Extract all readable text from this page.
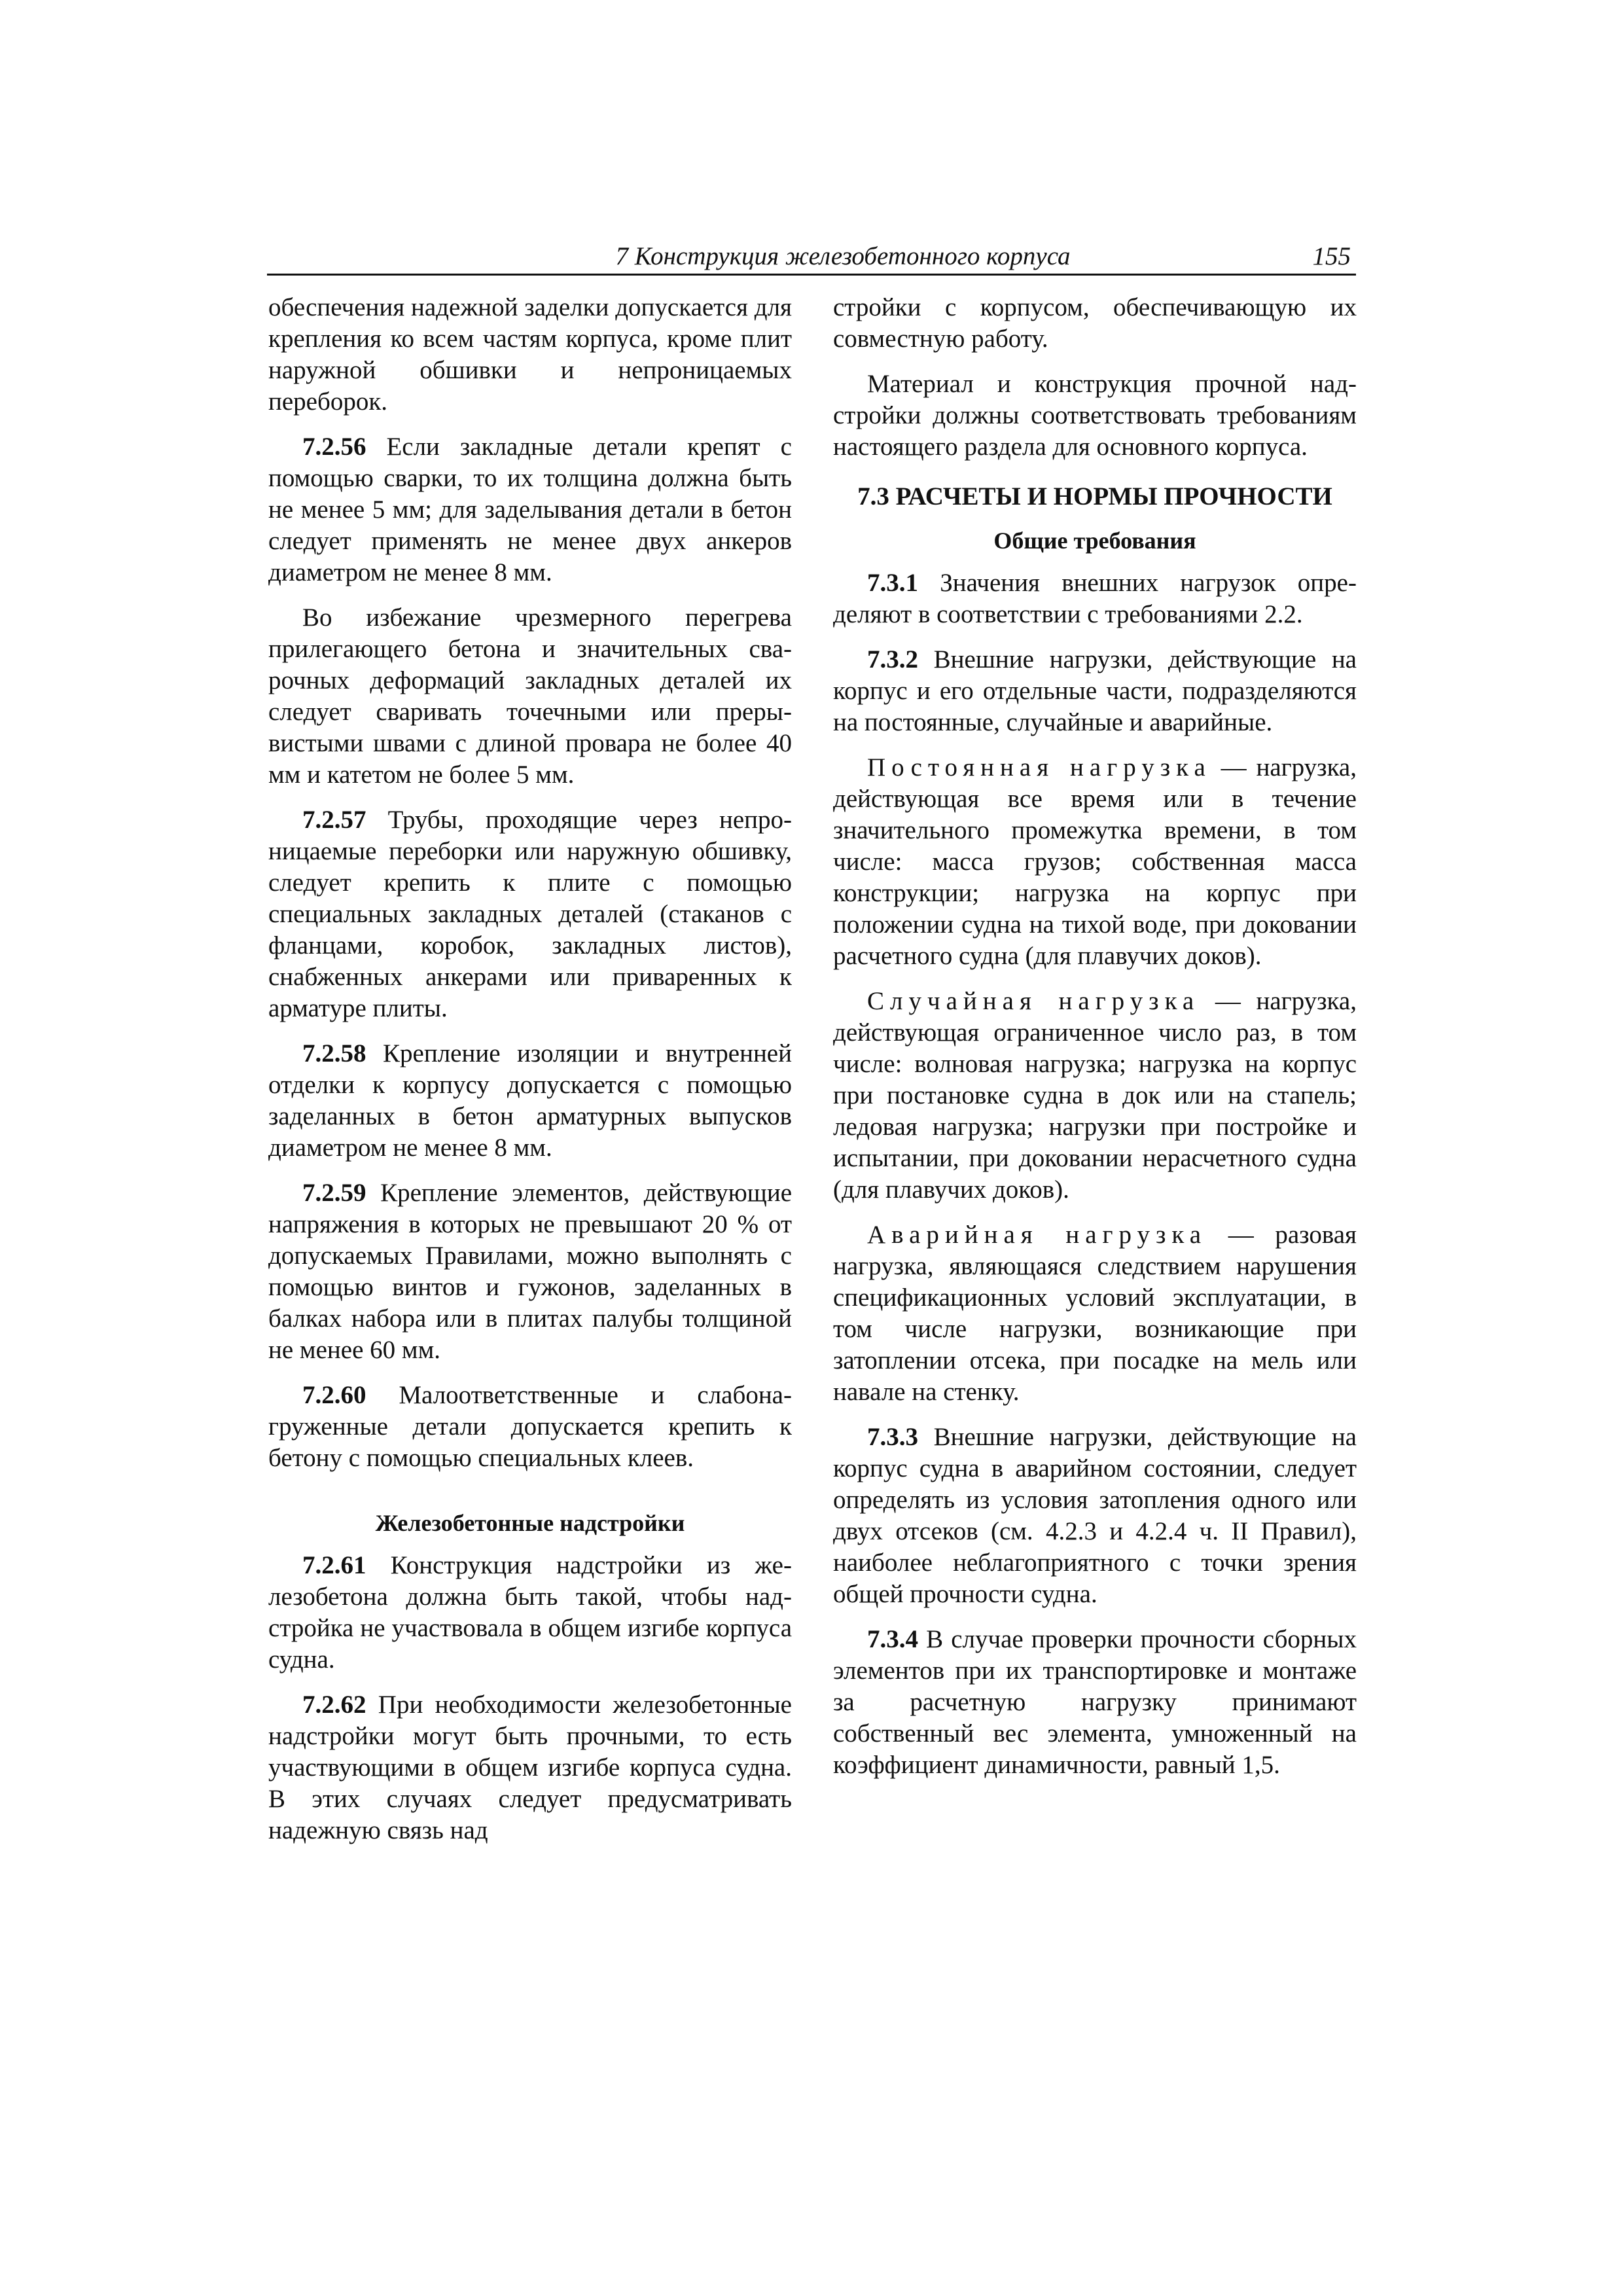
7 Конструкция железобетонного корпуса	155

обеспечения надежной заделки допускается для крепления ко всем частям корпуса, кроме плит наружной обшивки и непроницаемых переборок.

7.2.56 Если закладные детали крепят с помощью сварки, то их толщина должна быть не менее 5 мм; для заделывания детали в бетон следует применять не менее двух анкеров диаметром не менее 8 мм.

Во избежание чрезмерного перегрева прилегающего бетона и значительных сварочных деформаций закладных деталей их следует сваривать точечными или прерывистыми швами с длиной провара не более 40 мм и катетом не более 5 мм.

7.2.57 Трубы, проходящие через непроницаемые переборки или наружную обшивку, следует крепить к плите с помощью специальных закладных деталей (стаканов с фланцами, коробок, закладных листов), снабженных анкерами или приваренных к арматуре плиты.

7.2.58 Крепление изоляции и внутренней отделки к корпусу допускается с помощью заделанных в бетон арматурных выпусков диаметром не менее 8 мм.

7.2.59 Крепление элементов, действующие напряжения в которых не превышают 20 % от допускаемых Правилами, можно выполнять с помощью винтов и гужонов, заделанных в балках набора или в плитах палубы толщиной не менее 60 мм.

7.2.60 Малоответственные и слабонагруженные детали допускается крепить к бетону с помощью специальных клеев.

Железобетонные надстройки

7.2.61 Конструкция надстройки из железобетона должна быть такой, чтобы надстройка не участвовала в общем изгибе корпуса судна.

7.2.62 При необходимости железобетонные надстройки могут быть прочными, то есть участвующими в общем изгибе корпуса судна. В этих случаях следует предусматривать надежную связь над

стройки с корпусом, обеспечивающую их совместную работу.

Материал и конструкция прочной надстройки должны соответствовать требованиям настоящего раздела для основного корпуса.

7.3 РАСЧЕТЫ И НОРМЫ ПРОЧНОСТИ
Общие требования

7.3.1 Значения внешних нагрузок определяют в соответствии с требованиями 2.2.

7.3.2 Внешние нагрузки, действующие на корпус и его отдельные части, подразделяются на постоянные, случайные и аварийные.

Постоянная нагрузка — нагрузка, действующая все время или в течение значительного промежутка времени, в том числе: масса грузов; собственная масса конструкции; нагрузка на корпус при положении судна на тихой воде, при доковании расчетного судна (для плавучих доков).

Случайная нагрузка — нагрузка, действующая ограниченное число раз, в том числе: волновая нагрузка; нагрузка на корпус при постановке судна в док или на стапель; ледовая нагрузка; нагрузки при постройке и испытании, при доковании нерасчетного судна (для плавучих доков).

Аварийная нагрузка — разовая нагрузка, являющаяся следствием нарушения спецификационных условий эксплуатации, в том числе нагрузки, возникающие при затоплении отсека, при посадке на мель или навале на стенку.

7.3.3 Внешние нагрузки, действующие на корпус судна в аварийном состоянии, следует определять из условия затопления одного или двух отсеков (см. 4.2.3 и 4.2.4 ч. II Правил), наиболее неблагоприятного с точки зрения общей прочности судна.

7.3.4 В случае проверки прочности сборных элементов при их транспортировке и монтаже за расчетную нагрузку принимают собственный вес элемента, умноженный на коэффициент динамичности, равный 1,5.
